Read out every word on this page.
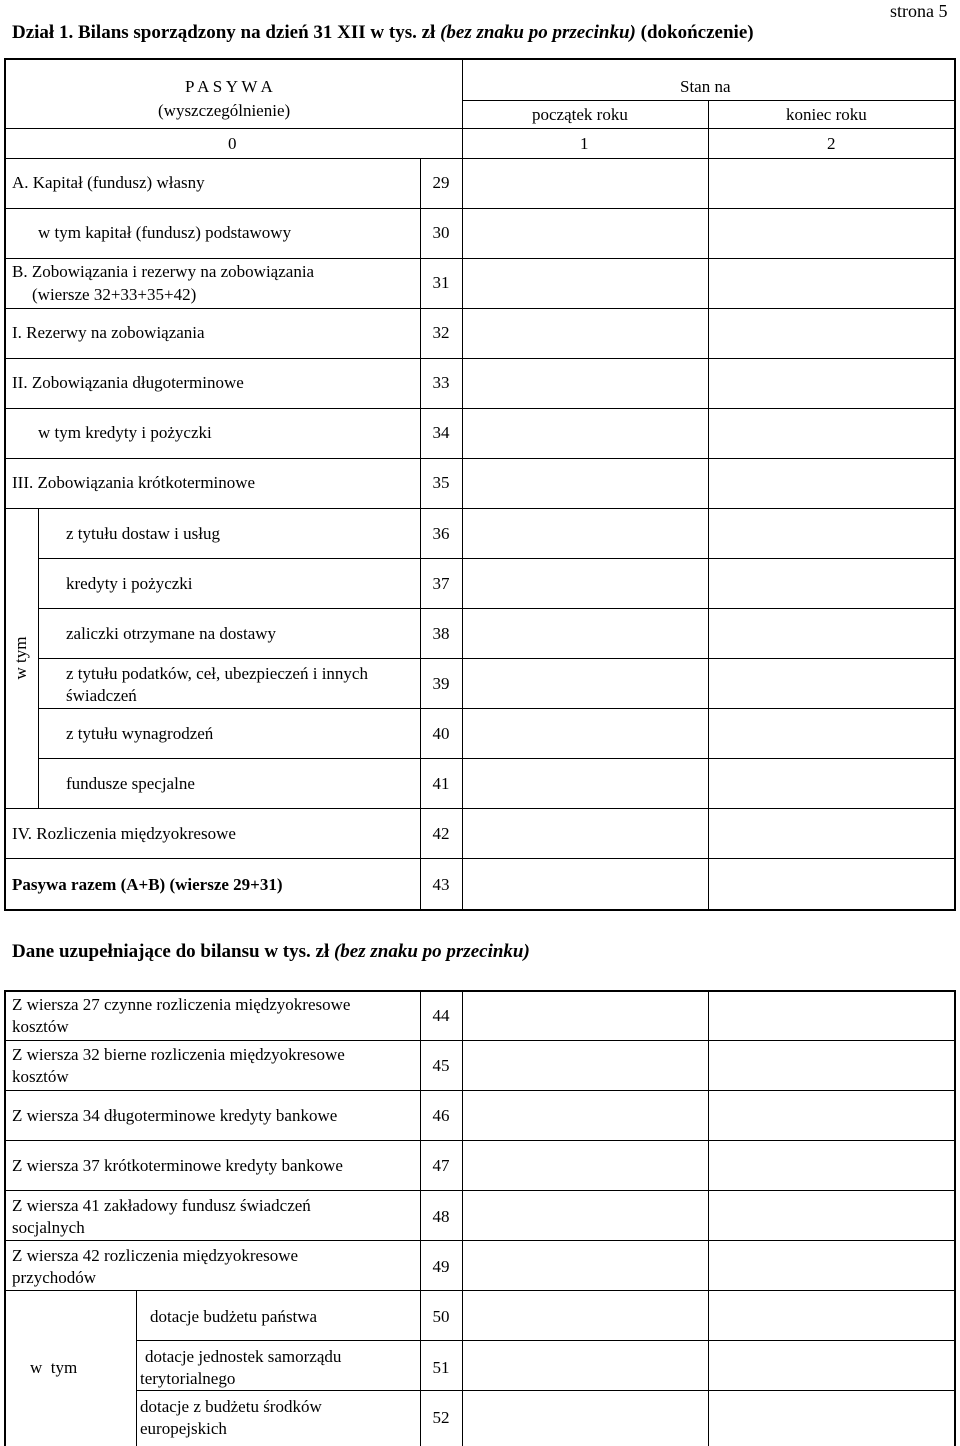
strona 5
Dział 1. Bilans sporządzony na dzień 31 XII w tys. zł (bez znaku po przecinku) (dokończenie)
P A S Y W A
(wyszczególnienie)
Stan na
początek roku	koniec roku
0	1	2
A. Kapitał (fundusz) własny	29
w tym kapitał (fundusz) podstawowy	30
B. Zobowiązania i rezerwy na zobowiązania
(wiersze 32+33+35+42)
31
I. Rezerwy na zobowiązania	32
II. Zobowiązania długoterminowe	33
w tym kredyty i pożyczki	34
III. Zobowiązania krótkoterminowe	35
w tym
z tytułu dostaw i usług	36
kredyty i pożyczki	37
zaliczki otrzymane na dostawy	38
z tytułu podatków, ceł, ubezpieczeń i innych
świadczeń
39
z tytułu wynagrodzeń	40
fundusze specjalne	41
IV. Rozliczenia międzyokresowe	42
Pasywa razem (A+B) (wiersze 29+31)	43
Dane uzupełniające do bilansu w tys. zł (bez znaku po przecinku)
Z wiersza 27 czynne rozliczenia międzyokresowe
kosztów
44
Z wiersza 32 bierne rozliczenia międzyokresowe
kosztów
45
Z wiersza 34 długoterminowe kredyty bankowe	46
Z wiersza 37 krótkoterminowe kredyty bankowe	47
Z wiersza 41 zakładowy fundusz świadczeń
socjalnych
48
Z wiersza 42 rozliczenia międzyokresowe
przychodów
49
w  tym
dotacje budżetu państwa	50
dotacje jednostek samorządu
terytorialnego
51
dotacje z budżetu środków
europejskich
52
